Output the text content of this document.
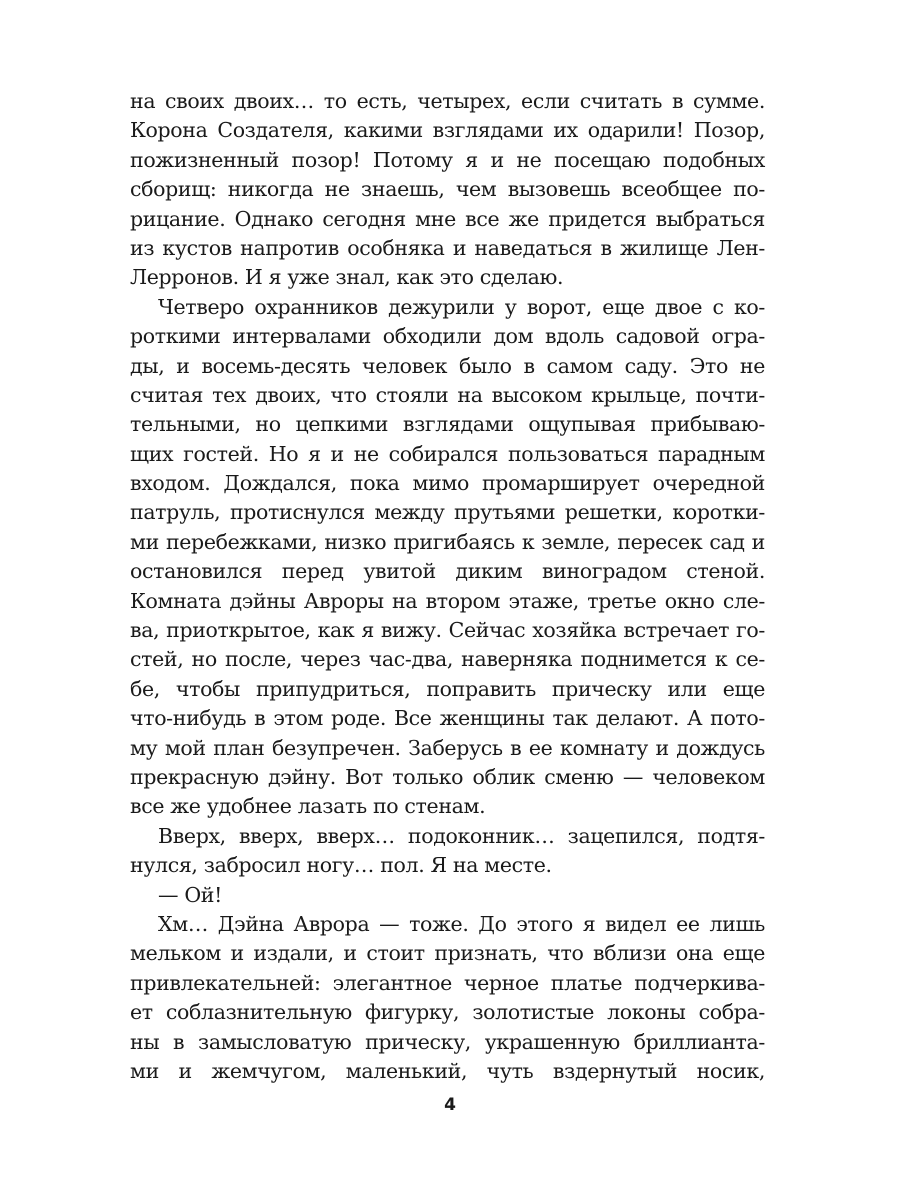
на своих двоих… то есть, четырех, если считать в сумме.
Корона Создателя, какими взглядами их одарили! Позор,
пожизненный позор! Потому я и не посещаю подобных
сборищ: никогда не знаешь, чем вызовешь всеобщее по-
рицание. Однако сегодня мне все же придется выбраться
из кустов напротив особняка и наведаться в жилище Лен-
Лерронов. И я уже знал, как это сделаю.
Четверо охранников дежурили у ворот, еще двое с ко-
роткими интервалами обходили дом вдоль садовой огра-
ды, и восемь-десять человек было в самом саду. Это не
считая тех двоих, что стояли на высоком крыльце, почти-
тельными, но цепкими взглядами ощупывая прибываю-
щих гостей. Но я и не собирался пользоваться парадным
входом. Дождался, пока мимо промаршируeт очередной
патруль, протиснулся между прутьями решетки, коротки-
ми перебежками, низко пригибаясь к земле, пересек сад и
остановился перед увитой диким виноградом стеной.
Комната дэйны Авроры на втором этаже, третье окно сле-
ва, приоткрытое, как я вижу. Сейчас хозяйка встречает го-
стей, но после, через час-два, наверняка поднимется к се-
бе, чтобы припудриться, поправить прическу или еще
что-нибудь в этом роде. Все женщины так делают. А пото-
му мой план безупречен. Заберусь в ее комнату и дождусь
прекрасную дэйну. Вот только облик сменю — человеком
все же удобнее лазать по стенам.
Вверх, вверх, вверх… подоконник… зацепился, подтя-
нулся, забросил ногу… пол. Я на месте.
— Ой!
Хм… Дэйна Аврора — тоже. До этого я видел ее лишь
мельком и издали, и стоит признать, что вблизи она еще
привлекательней: элегантное черное платье подчеркива-
ет соблазнительную фигурку, золотистые локоны собра-
ны в замысловатую прическу, украшенную бриллианта-
ми и жемчугом, маленький, чуть вздернутый носик,
4
